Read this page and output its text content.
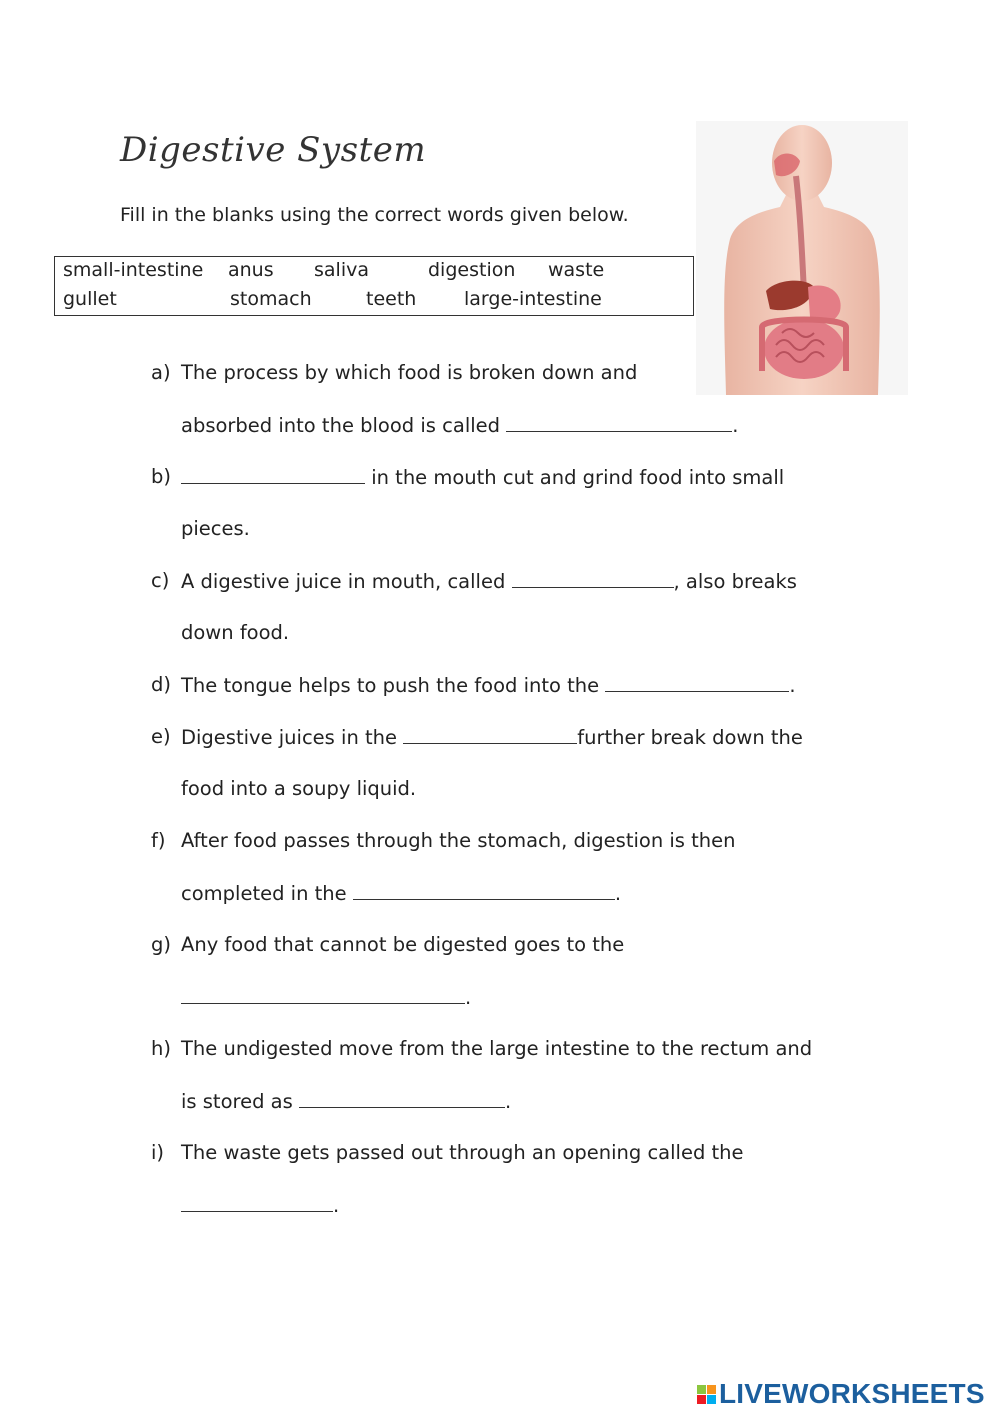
Digestive System
Fill in the blanks using the correct words given below.
small-intestine anus saliva	digestion waste
gullet	stomach	teeth	large-intestine
a) The process by which food is broken down and
absorbed into the blood is called	.
b)	in the mouth cut and grind food into small
pieces.
c) A digestive juice in mouth, called	, also breaks
down food.
d) The tongue helps to push the food into the	.
e) Digestive juices in the	further break down the
food into a soupy liquid.
f) After food passes through the stomach, digestion is then
completed in the	.
g) Any food that cannot be digested goes to the
.
h) The undigested move from the large intestine to the rectum and
is stored as	.
i) The waste gets passed out through an opening called the
.
LIVEWORKSHEETS
